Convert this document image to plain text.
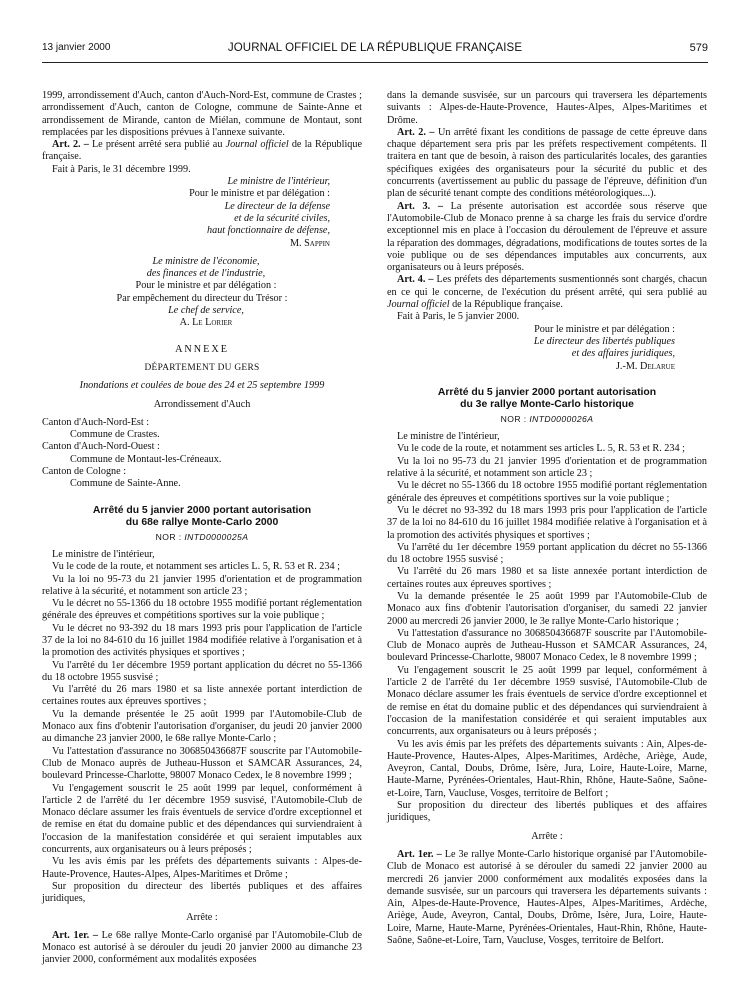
13 janvier 2000	JOURNAL OFFICIEL DE LA RÉPUBLIQUE FRANÇAISE	579

1999, arrondissement d'Auch, canton d'Auch-Nord-Est, commune de Crastes ; arrondissement d'Auch, canton de Cologne, commune de Sainte-Anne et arrondissement de Mirande, canton de Miélan, commune de Montaut, sont remplacées par les dispositions prévues à l'annexe suivante.

Art. 2. – Le présent arrêté sera publié au Journal officiel de la République française.

Fait à Paris, le 31 décembre 1999.

Le ministre de l'intérieur,

Pour le ministre et par délégation :

Le directeur de la défense

et de la sécurité civiles,

haut fonctionnaire de défense,

M. Sappin

Le ministre de l'économie,

des finances et de l'industrie,

Pour le ministre et par délégation :

Par empêchement du directeur du Trésor :

Le chef de service,

A. Le Lorier

ANNEXE

DÉPARTEMENT DU GERS

Inondations et coulées de boue des 24 et 25 septembre 1999

Arrondissement d'Auch

Canton d'Auch-Nord-Est :

Commune de Crastes.

Canton d'Auch-Nord-Ouest :

Commune de Montaut-les-Créneaux.

Canton de Cologne :

Commune de Sainte-Anne.

Arrêté du 5 janvier 2000 portant autorisation
du 68e rallye Monte-Carlo 2000

NOR : INTD0000025A

Le ministre de l'intérieur,

Vu le code de la route, et notamment ses articles L. 5, R. 53 et R. 234 ;

Vu la loi no 95-73 du 21 janvier 1995 d'orientation et de programmation relative à la sécurité, et notamment son article 23 ;

Vu le décret no 55-1366 du 18 octobre 1955 modifié portant réglementation générale des épreuves et compétitions sportives sur la voie publique ;

Vu le décret no 93-392 du 18 mars 1993 pris pour l'application de l'article 37 de la loi no 84-610 du 16 juillet 1984 modifiée relative à l'organisation et à la promotion des activités physiques et sportives ;

Vu l'arrêté du 1er décembre 1959 portant application du décret no 55-1366 du 18 octobre 1955 susvisé ;

Vu l'arrêté du 26 mars 1980 et sa liste annexée portant interdiction de certaines routes aux épreuves sportives ;

Vu la demande présentée le 25 août 1999 par l'Automobile-Club de Monaco aux fins d'obtenir l'autorisation d'organiser, du jeudi 20 janvier 2000 au dimanche 23 janvier 2000, le 68e rallye Monte-Carlo ;

Vu l'attestation d'assurance no 306850436687F souscrite par l'Automobile-Club de Monaco auprès de Jutheau-Husson et SAMCAR Assurances, 24, boulevard Princesse-Charlotte, 98007 Monaco Cedex, le 8 novembre 1999 ;

Vu l'engagement souscrit le 25 août 1999 par lequel, conformément à l'article 2 de l'arrêté du 1er décembre 1959 susvisé, l'Automobile-Club de Monaco déclare assumer les frais éventuels de service d'ordre exceptionnel et de remise en état du domaine public et des dépendances qui surviendraient à l'occasion de la manifestation considérée et qui seraient imputables aux concurrents, aux organisateurs ou à leurs préposés ;

Vu les avis émis par les préfets des départements suivants : Alpes-de-Haute-Provence, Hautes-Alpes, Alpes-Maritimes et Drôme ;

Sur proposition du directeur des libertés publiques et des affaires juridiques,

Arrête :

Art. 1er. – Le 68e rallye Monte-Carlo organisé par l'Automobile-Club de Monaco est autorisé à se dérouler du jeudi 20 janvier 2000 au dimanche 23 janvier 2000, conformément aux modalités exposées

dans la demande susvisée, sur un parcours qui traversera les départements suivants : Alpes-de-Haute-Provence, Hautes-Alpes, Alpes-Maritimes et Drôme.

Art. 2. – Un arrêté fixant les conditions de passage de cette épreuve dans chaque département sera pris par les préfets respectivement compétents. Il traitera en tant que de besoin, à raison des particularités locales, des garanties spécifiques exigées des organisateurs pour la sécurité du public et des concurrents (avertissement au public du passage de l'épreuve, définition d'un plan de sécurité tenant compte des conditions météorologiques...).

Art. 3. – La présente autorisation est accordée sous réserve que l'Automobile-Club de Monaco prenne à sa charge les frais du service d'ordre exceptionnel mis en place à l'occasion du déroulement de l'épreuve et assure la réparation des dommages, dégradations, modifications de toutes sortes de la voie publique ou de ses dépendances imputables aux concurrents, aux organisateurs ou à leurs préposés.

Art. 4. – Les préfets des départements susmentionnés sont chargés, chacun en ce qui le concerne, de l'exécution du présent arrêté, qui sera publié au Journal officiel de la République française.

Fait à Paris, le 5 janvier 2000.

Pour le ministre et par délégation :

Le directeur des libertés publiques

et des affaires juridiques,

J.-M. Delarue

Arrêté du 5 janvier 2000 portant autorisation
du 3e rallye Monte-Carlo historique

NOR : INTD0000026A

Le ministre de l'intérieur,

Vu le code de la route, et notamment ses articles L. 5, R. 53 et R. 234 ;

Vu la loi no 95-73 du 21 janvier 1995 d'orientation et de programmation relative à la sécurité, et notamment son article 23 ;

Vu le décret no 55-1366 du 18 octobre 1955 modifié portant réglementation générale des épreuves et compétitions sportives sur la voie publique ;

Vu le décret no 93-392 du 18 mars 1993 pris pour l'application de l'article 37 de la loi no 84-610 du 16 juillet 1984 modifiée relative à l'organisation et à la promotion des activités physiques et sportives ;

Vu l'arrêté du 1er décembre 1959 portant application du décret no 55-1366 du 18 octobre 1955 susvisé ;

Vu l'arrêté du 26 mars 1980 et sa liste annexée portant interdiction de certaines routes aux épreuves sportives ;

Vu la demande présentée le 25 août 1999 par l'Automobile-Club de Monaco aux fins d'obtenir l'autorisation d'organiser, du samedi 22 janvier 2000 au mercredi 26 janvier 2000, le 3e rallye Monte-Carlo historique ;

Vu l'attestation d'assurance no 306850436687F souscrite par l'Automobile-Club de Monaco auprès de Jutheau-Husson et SAMCAR Assurances, 24, boulevard Princesse-Charlotte, 98007 Monaco Cedex, le 8 novembre 1999 ;

Vu l'engagement souscrit le 25 août 1999 par lequel, conformément à l'article 2 de l'arrêté du 1er décembre 1959 susvisé, l'Automobile-Club de Monaco déclare assumer les frais éventuels de service d'ordre exceptionnel et de remise en état du domaine public et des dépendances qui surviendraient à l'occasion de la manifestation considérée et qui seraient imputables aux concurrents, aux organisateurs ou à leurs préposés ;

Vu les avis émis par les préfets des départements suivants : Ain, Alpes-de-Haute-Provence, Hautes-Alpes, Alpes-Maritimes, Ardèche, Ariège, Aude, Aveyron, Cantal, Doubs, Drôme, Isère, Jura, Loire, Haute-Loire, Marne, Haute-Marne, Pyrénées-Orientales, Haut-Rhin, Rhône, Haute-Saône, Saône-et-Loire, Tarn, Vaucluse, Vosges, territoire de Belfort ;

Sur proposition du directeur des libertés publiques et des affaires juridiques,

Arrête :

Art. 1er. – Le 3e rallye Monte-Carlo historique organisé par l'Automobile-Club de Monaco est autorisé à se dérouler du samedi 22 janvier 2000 au mercredi 26 janvier 2000 conformément aux modalités exposées dans la demande susvisée, sur un parcours qui traversera les départements suivants : Ain, Alpes-de-Haute-Provence, Hautes-Alpes, Alpes-Maritimes, Ardèche, Ariège, Aude, Aveyron, Cantal, Doubs, Drôme, Isère, Jura, Loire, Haute-Loire, Marne, Haute-Marne, Pyrénées-Orientales, Haut-Rhin, Rhône, Haute-Saône, Saône-et-Loire, Tarn, Vaucluse, Vosges, territoire de Belfort.
